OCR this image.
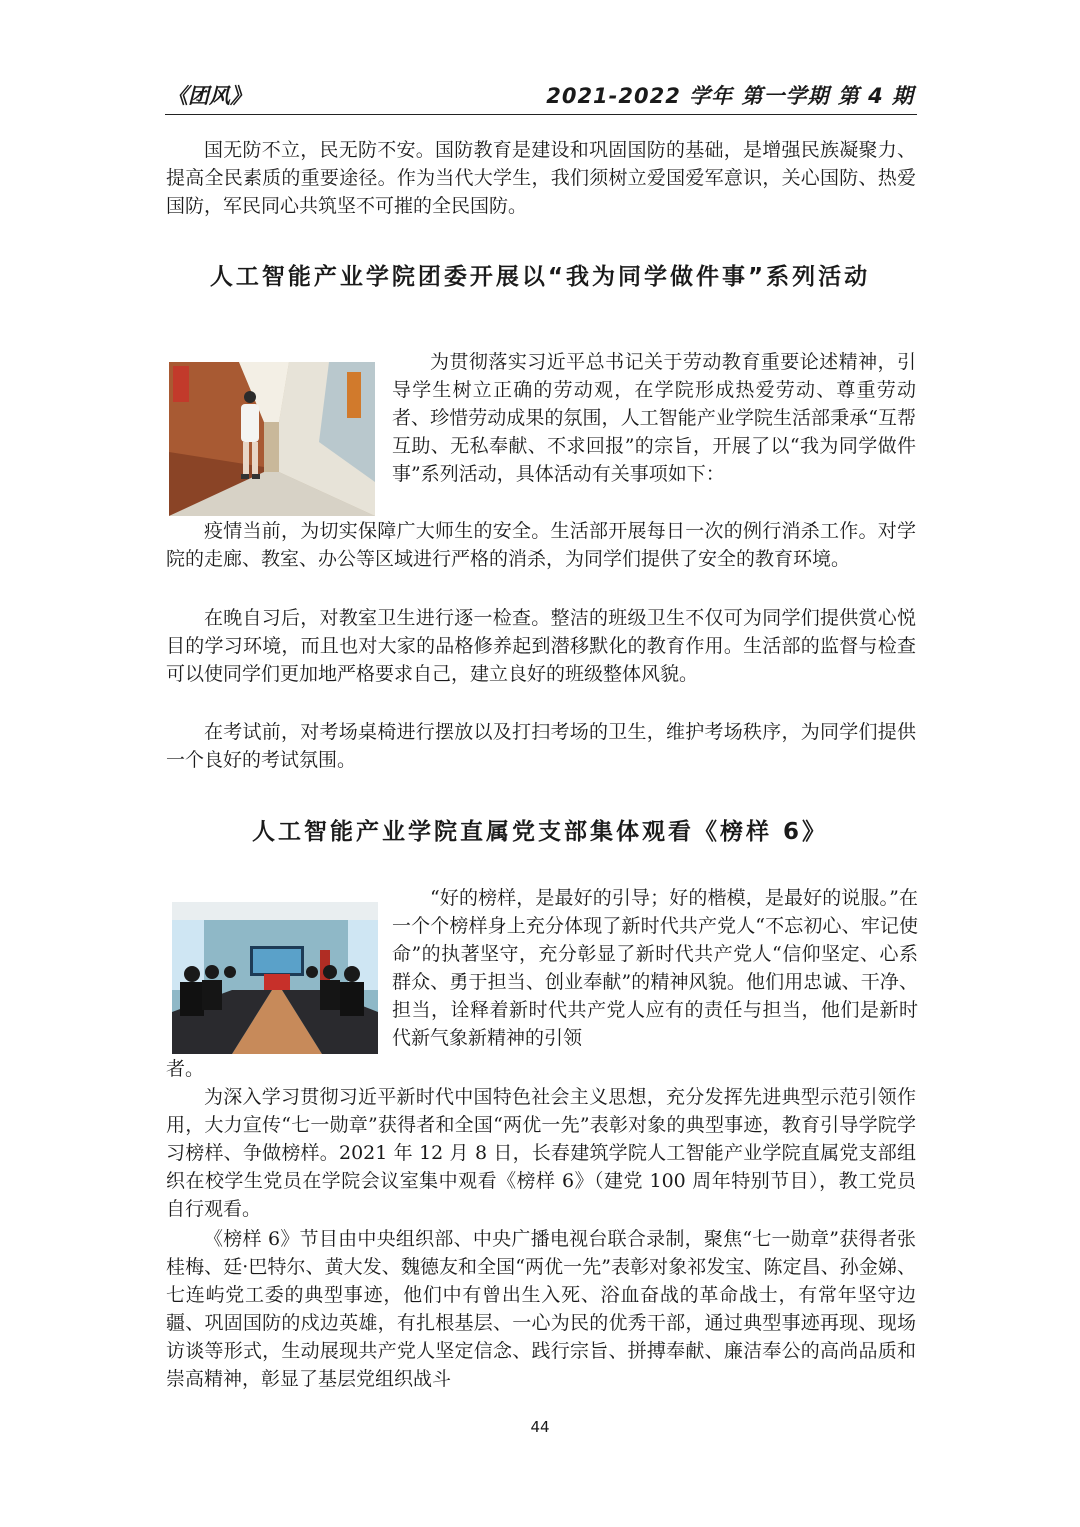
《团风》	2021-2022 学年 第一学期 第 4 期

国无防不立，民无防不安。国防教育是建设和巩固国防的基础，是增强民族凝聚力、提高全民素质的重要途径。作为当代大学生，我们须树立爱国爱军意识，关心国防、热爱国防，军民同心共筑坚不可摧的全民国防。

人工智能产业学院团委开展以“我为同学做件事”系列活动

为贯彻落实习近平总书记关于劳动教育重要论述精神，引导学生树立正确的劳动观，在学院形成热爱劳动、尊重劳动者、珍惜劳动成果的氛围，人工智能产业学院生活部秉承“互帮互助、无私奉献、不求回报”的宗旨，开展了以“我为同学做件事”系列活动，具体活动有关事项如下：

疫情当前，为切实保障广大师生的安全。生活部开展每日一次的例行消杀工作。对学院的走廊、教室、办公等区域进行严格的消杀，为同学们提供了安全的教育环境。

在晚自习后，对教室卫生进行逐一检查。整洁的班级卫生不仅可为同学们提供赏心悦目的学习环境，而且也对大家的品格修养起到潜移默化的教育作用。生活部的监督与检查可以使同学们更加地严格要求自己，建立良好的班级整体风貌。

在考试前，对考场桌椅进行摆放以及打扫考场的卫生，维护考场秩序，为同学们提供一个良好的考试氛围。

人工智能产业学院直属党支部集体观看《榜样 6》

“好的榜样，是最好的引导；好的楷模，是最好的说服。”在一个个榜样身上充分体现了新时代共产党人“不忘初心、牢记使命”的执著坚守，充分彰显了新时代共产党人“信仰坚定、心系群众、勇于担当、创业奉献”的精神风貌。他们用忠诚、干净、担当，诠释着新时代共产党人应有的责任与担当，他们是新时代新气象新精神的引领

者。

为深入学习贯彻习近平新时代中国特色社会主义思想，充分发挥先进典型示范引领作用，大力宣传“七一勋章”获得者和全国“两优一先”表彰对象的典型事迹，教育引导学院学习榜样、争做榜样。2021 年 12 月 8 日，长春建筑学院人工智能产业学院直属党支部组织在校学生党员在学院会议室集中观看《榜样 6》（建党 100 周年特别节目），教工党员自行观看。

《榜样 6》节目由中央组织部、中央广播电视台联合录制，聚焦“七一勋章”获得者张桂梅、廷·巴特尔、黄大发、魏德友和全国“两优一先”表彰对象祁发宝、陈定昌、孙金娣、七连屿党工委的典型事迹，他们中有曾出生入死、浴血奋战的革命战士，有常年坚守边疆、巩固国防的戍边英雄，有扎根基层、一心为民的优秀干部，通过典型事迹再现、现场访谈等形式，生动展现共产党人坚定信念、践行宗旨、拼搏奉献、廉洁奉公的高尚品质和崇高精神，彰显了基层党组织战斗

44
